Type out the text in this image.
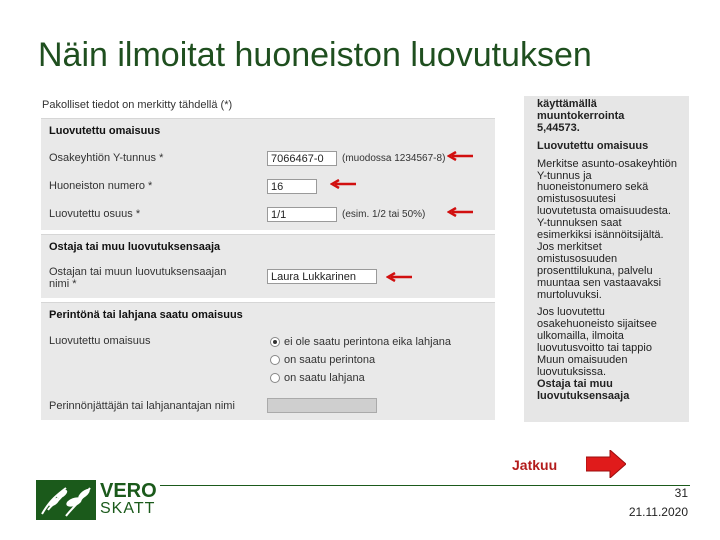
Näin ilmoitat huoneiston luovutuksen
Pakolliset tiedot on merkitty tähdellä (*)
Luovutettu omaisuus
Osakeyhtiön Y-tunnus *	7066467-0	(muodossa 1234567-8)
Huoneiston numero *	16
Luovutettu osuus *	1/1	(esim. 1/2 tai 50%)
Ostaja tai muu luovutuksensaaja
Ostajan tai muun luovutuksensaajan
nimi *
Laura Lukkarinen
Perintönä tai lahjana saatu omaisuus
Luovutettu omaisuus	ei ole saatu perintona eika lahjana
on saatu perintona
on saatu lahjana
Perinnönjättäjän tai lahjanantajan nimi
käyttämällä
muuntokerrointa
5,44573.
Luovutettu omaisuus
Merkitse asunto-osakeyhtiön
Y-tunnus ja
huoneistonumero sekä
omistusosuutesi
luovutetusta omaisuudesta.
Y-tunnuksen saat
esimerkiksi isännöitsijältä.
Jos merkitset
omistusosuuden
prosenttilukuna, palvelu
muuntaa sen vastaavaksi
murtoluvuksi.
Jos luovutettu
osakehuoneisto sijaitsee
ulkomailla, ilmoita
luovutusvoitto tai tappio
Muun omaisuuden
luovutuksissa.
Ostaja tai muu
luovutuksensaaja
Jatkuu
VERO
SKATT
31
21.11.2020
